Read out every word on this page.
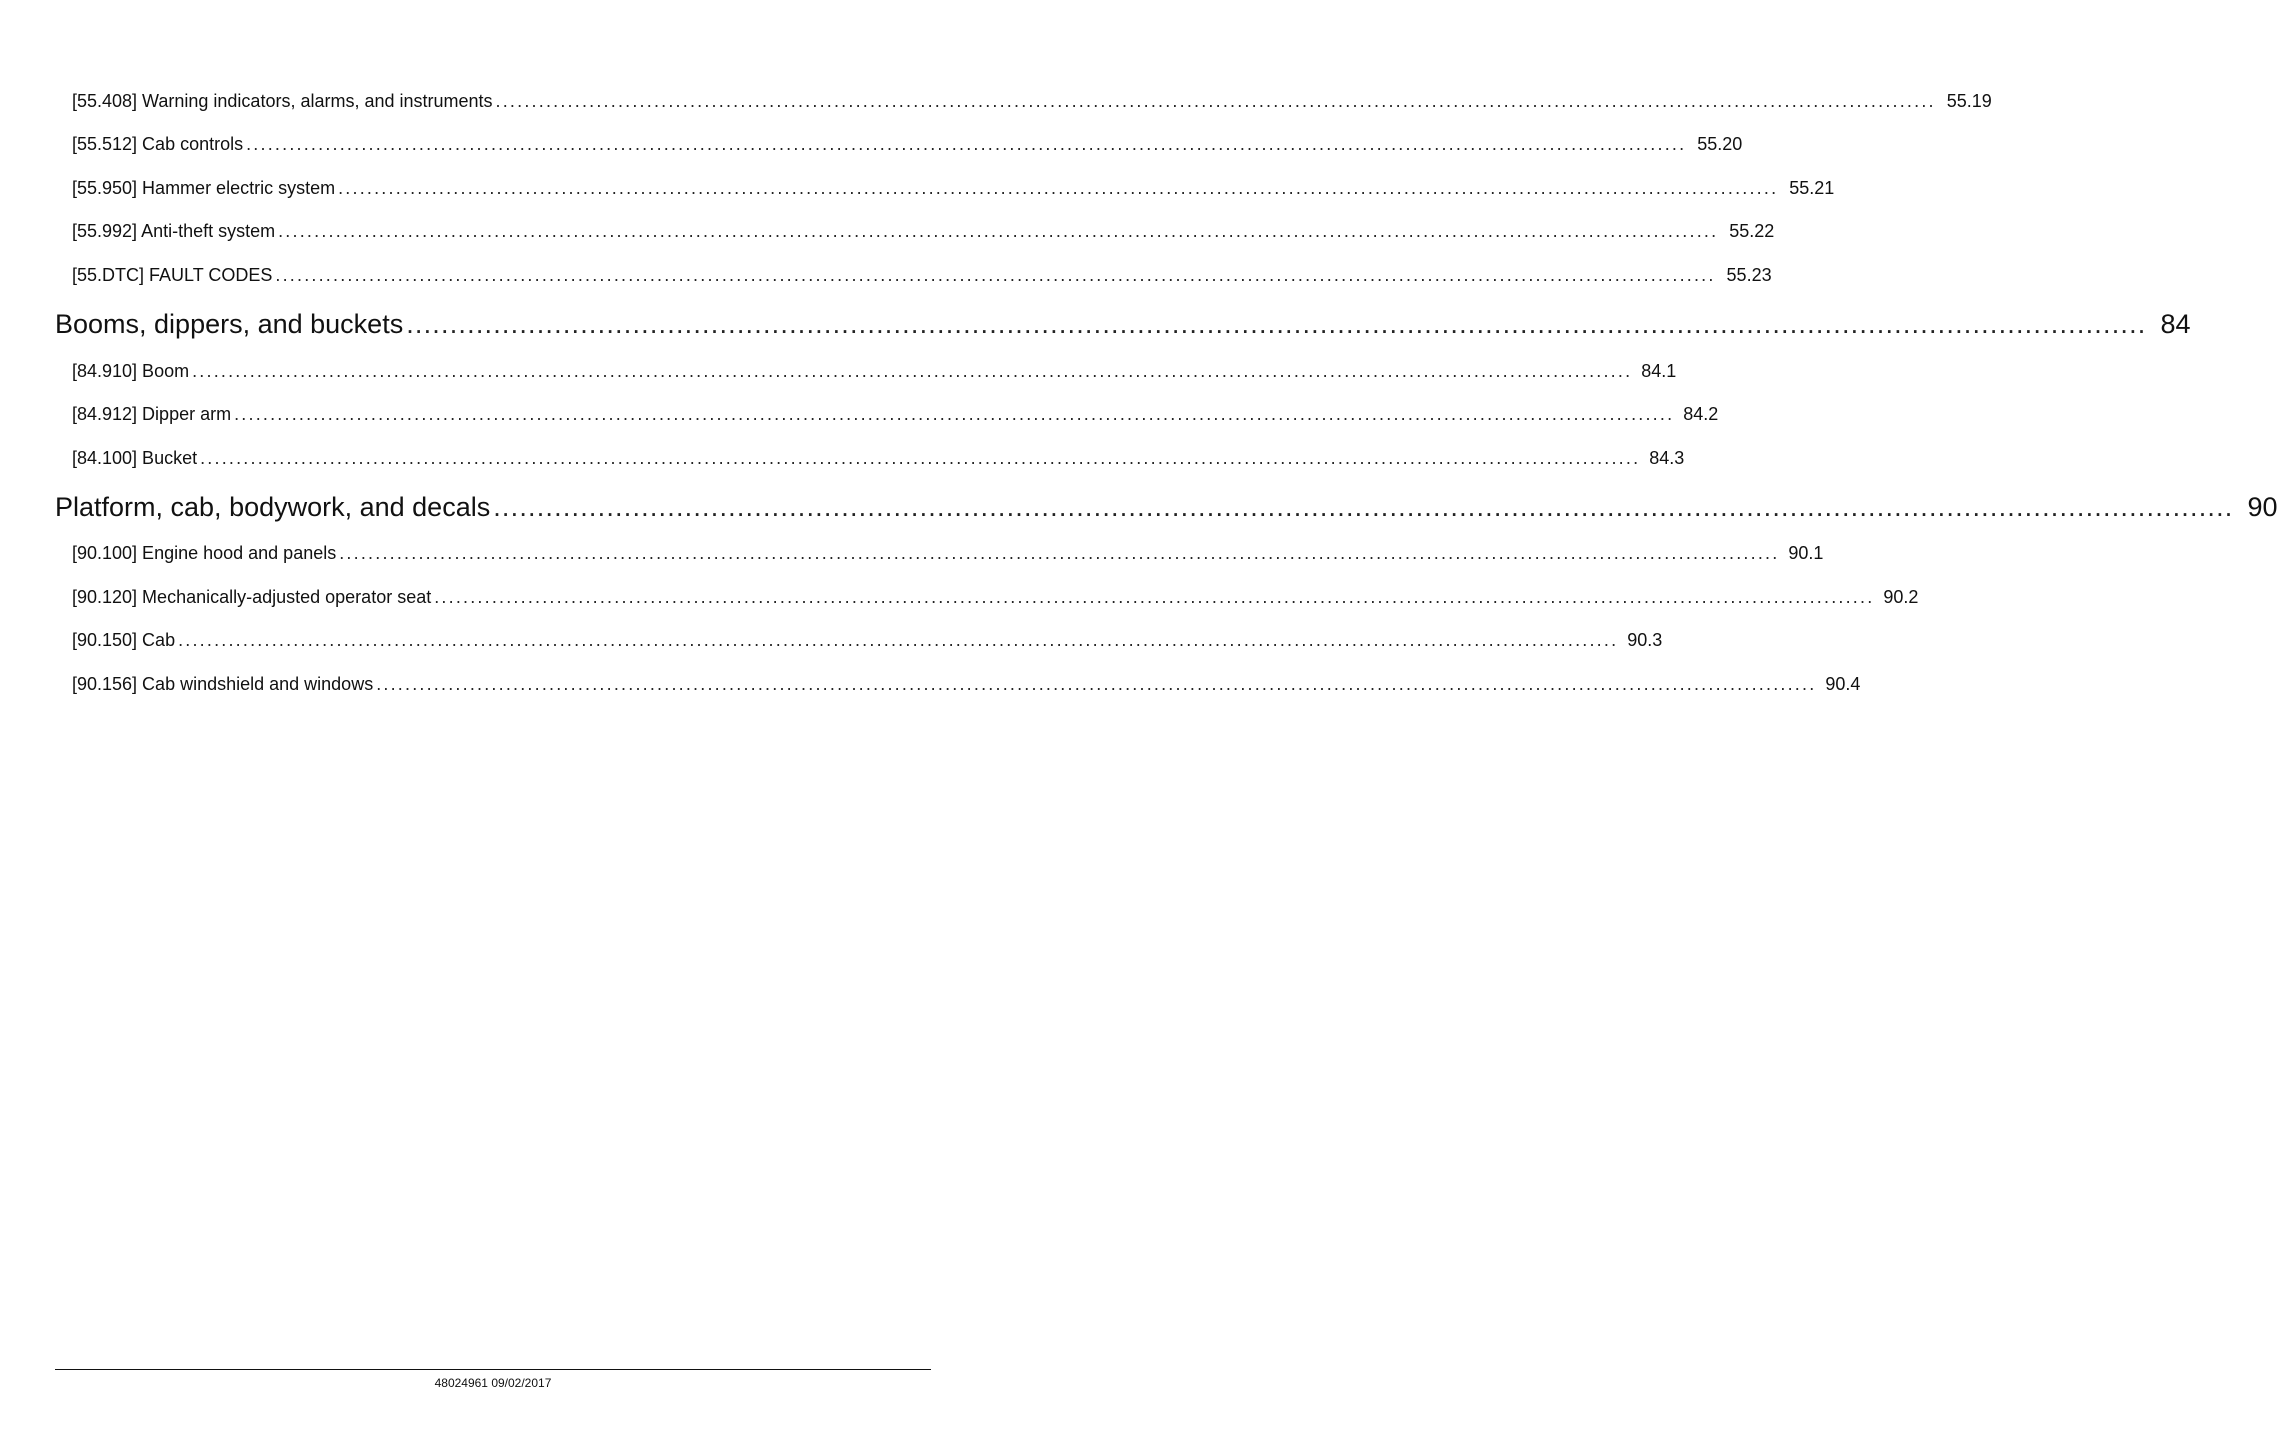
[55.408] Warning indicators, alarms, and instruments ........................................................................................................................................................................................................ 55.19
[55.512] Cab controls ........................................................................................................................................................................................................ 55.20
[55.950] Hammer electric system ........................................................................................................................................................................................................ 55.21
[55.992] Anti-theft system ........................................................................................................................................................................................................ 55.22
[55.DTC] FAULT CODES ........................................................................................................................................................................................................ 55.23
Booms, dippers, and buckets ........................................................................................................................................................................................................ 84
[84.910] Boom ........................................................................................................................................................................................................ 84.1
[84.912] Dipper arm ........................................................................................................................................................................................................ 84.2
[84.100] Bucket ........................................................................................................................................................................................................ 84.3
Platform, cab, bodywork, and decals ........................................................................................................................................................................................................ 90
[90.100] Engine hood and panels ........................................................................................................................................................................................................ 90.1
[90.120] Mechanically-adjusted operator seat ........................................................................................................................................................................................................ 90.2
[90.150] Cab ........................................................................................................................................................................................................ 90.3
[90.156] Cab windshield and windows ........................................................................................................................................................................................................ 90.4
48024961 09/02/2017
